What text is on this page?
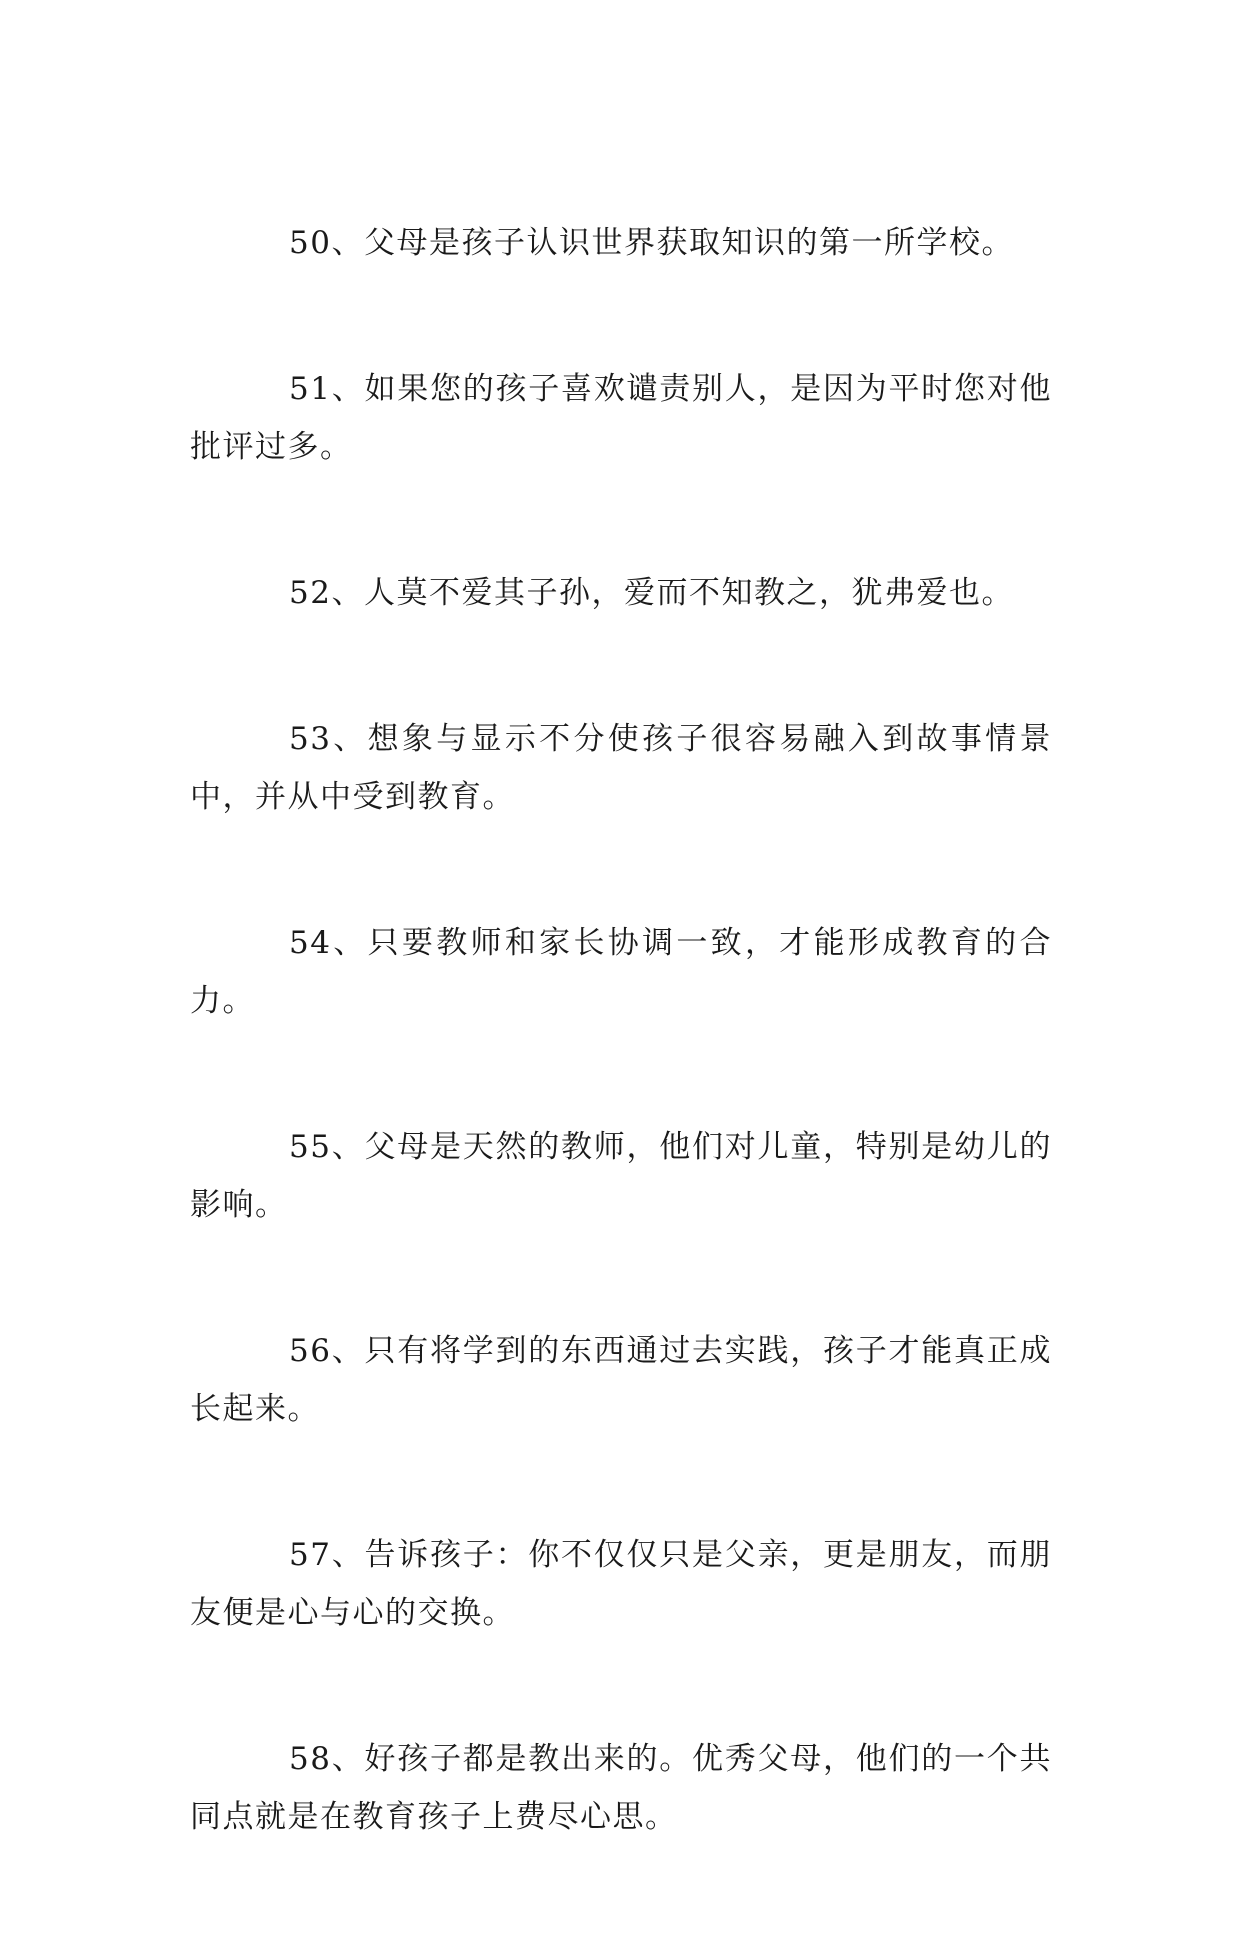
50、父母是孩子认识世界获取知识的第一所学校。

51、如果您的孩子喜欢谴责别人，是因为平时您对他批评过多。

52、人莫不爱其子孙，爱而不知教之，犹弗爱也。

53、想象与显示不分使孩子很容易融入到故事情景中，并从中受到教育。

54、只要教师和家长协调一致，才能形成教育的合力。

55、父母是天然的教师，他们对儿童，特别是幼儿的影响。

56、只有将学到的东西通过去实践，孩子才能真正成长起来。

57、告诉孩子：你不仅仅只是父亲，更是朋友，而朋友便是心与心的交换。

58、好孩子都是教出来的。优秀父母，他们的一个共同点就是在教育孩子上费尽心思。
